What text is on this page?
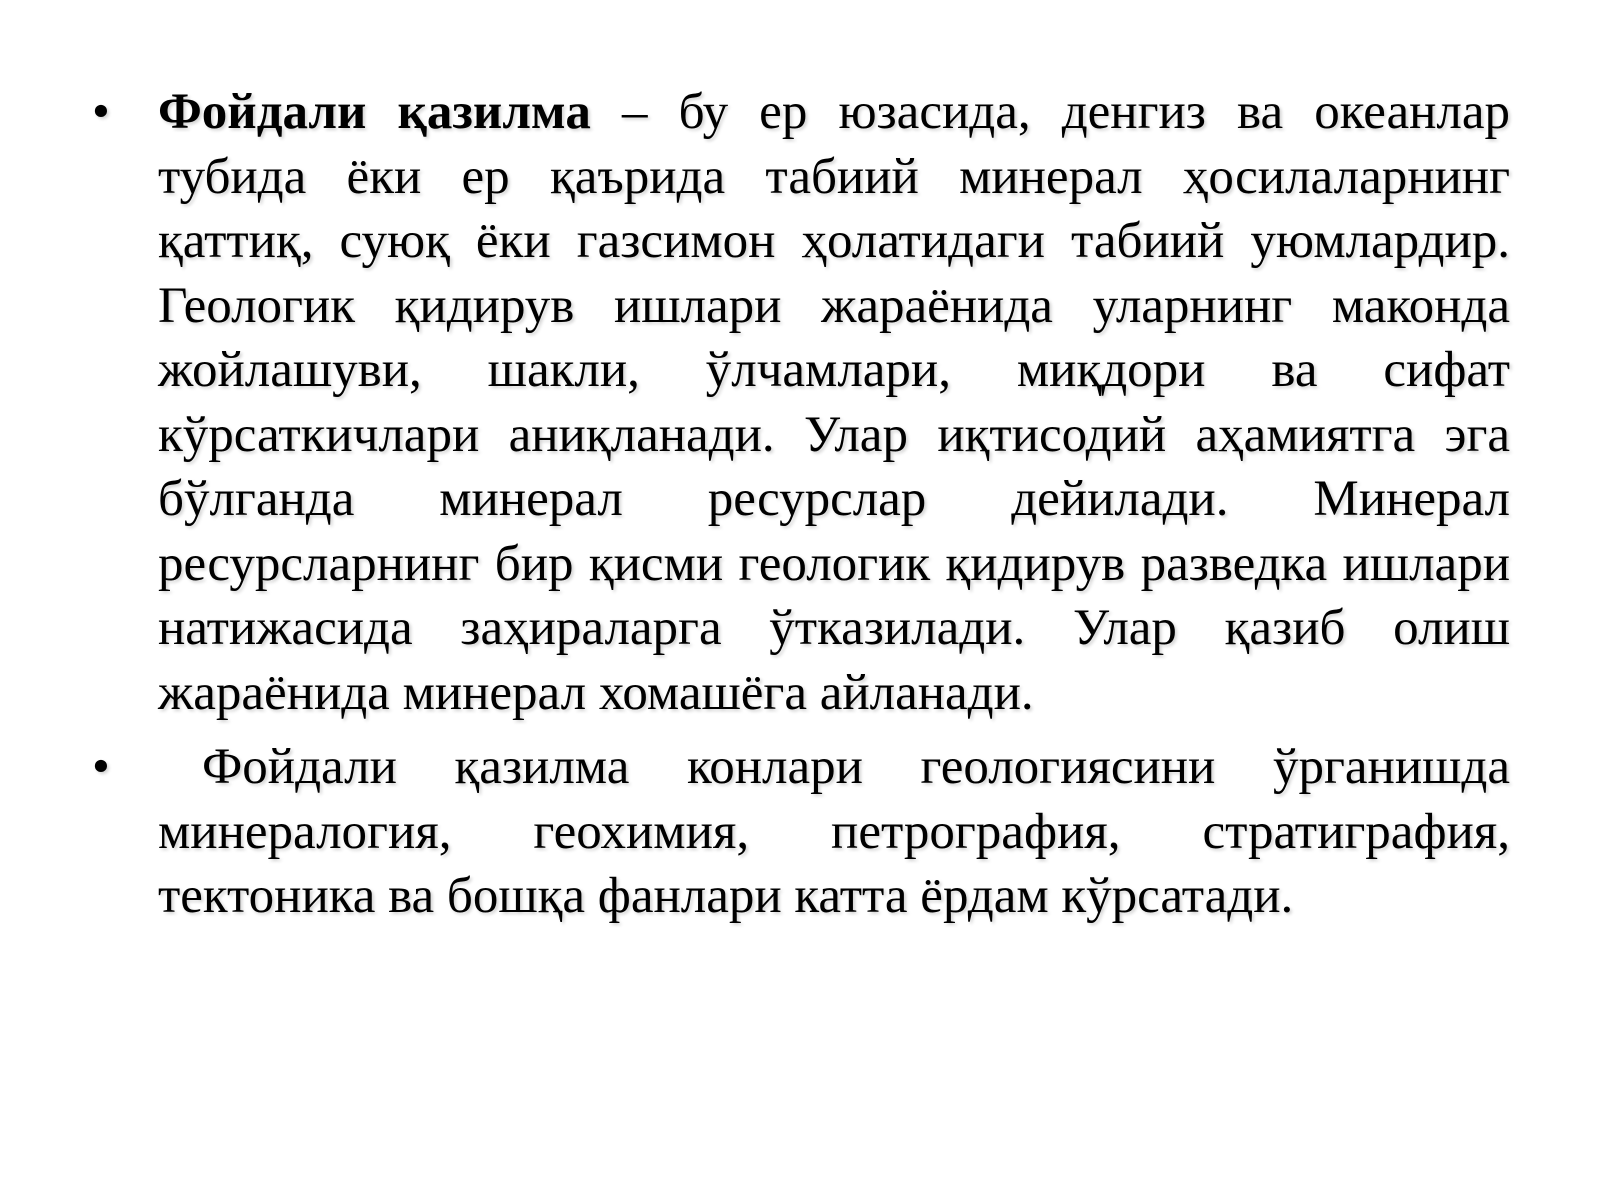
• Фойдали қазилма – бу ер юзасида, денгиз ва океанлар тубида ёки ер қаърида табиий минерал ҳосилаларнинг қаттиқ, суюқ ёки газсимон ҳолатидаги табиий уюмлардир. Геологик қидирув ишлари жараёнида уларнинг маконда жойлашуви, шакли, ўлчамлари, миқдори ва сифат кўрсаткичлари аниқланади. Улар иқтисодий аҳамиятга эга бўлганда минерал ресурслар дейилади. Минерал ресурсларнинг бир қисми геологик қидирув разведка ишлари натижасида заҳираларга ўтказилади. Улар қазиб олиш жараёнида минерал хомашёга айланади.
•	Фойдали қазилма конлари геологиясини ўрганишда минералогия, геохимия, петрография, стратиграфия, тектоника ва бошқа фанлари катта ёрдам кўрсатади.
